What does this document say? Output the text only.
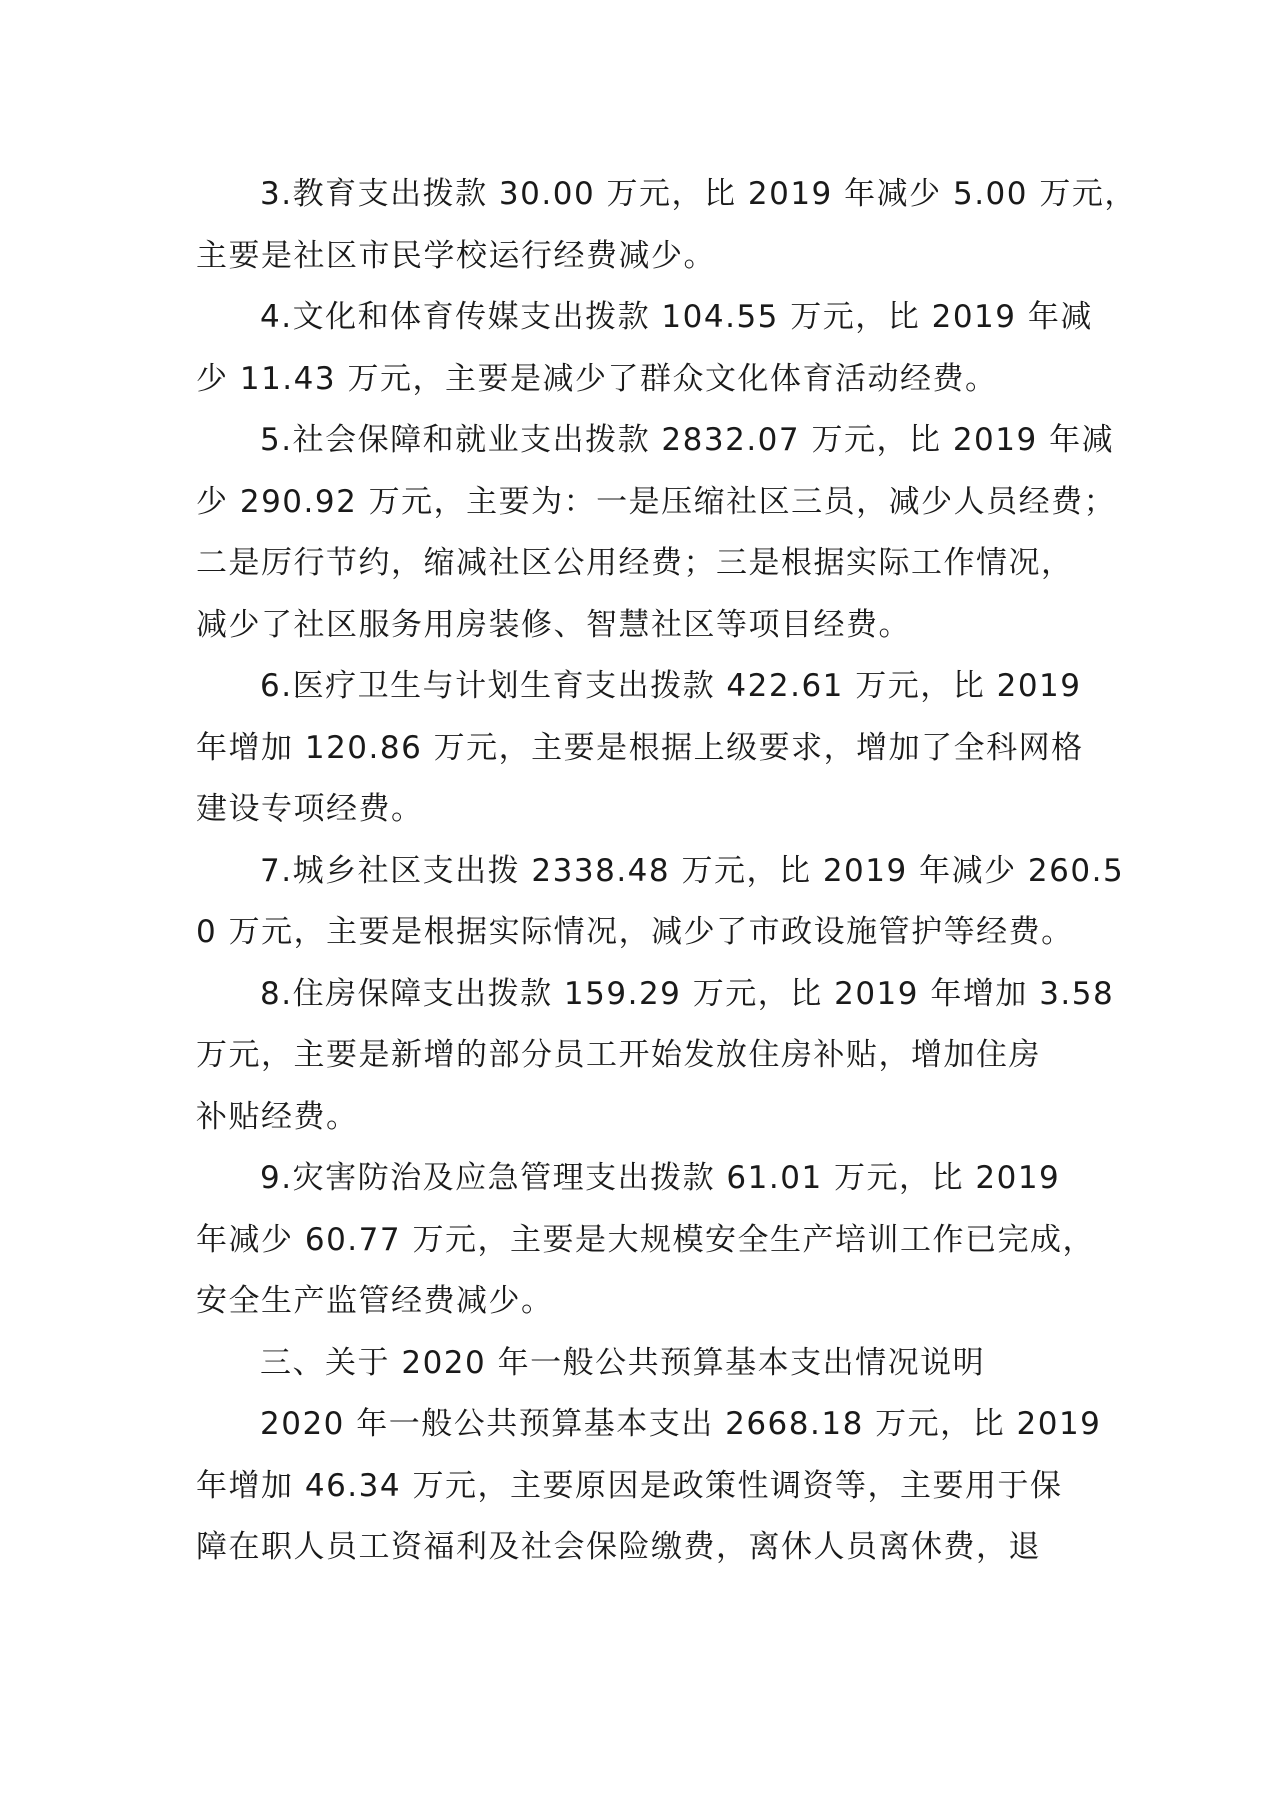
3.教育支出拨款 30.00 万元，比 2019 年减少 5.00 万元，
主要是社区市民学校运行经费减少。
4.文化和体育传媒支出拨款 104.55 万元，比 2019 年减
少 11.43 万元，主要是减少了群众文化体育活动经费。
5.社会保障和就业支出拨款 2832.07 万元，比 2019 年减
少 290.92 万元，主要为：一是压缩社区三员，减少人员经费；
二是厉行节约，缩减社区公用经费；三是根据实际工作情况，
减少了社区服务用房装修、智慧社区等项目经费。
6.医疗卫生与计划生育支出拨款 422.61 万元，比 2019
年增加 120.86 万元，主要是根据上级要求，增加了全科网格
建设专项经费。
7.城乡社区支出拨 2338.48 万元，比 2019 年减少 260.5
0 万元，主要是根据实际情况，减少了市政设施管护等经费。
8.住房保障支出拨款 159.29 万元，比 2019 年增加 3.58
万元，主要是新增的部分员工开始发放住房补贴，增加住房
补贴经费。
9.灾害防治及应急管理支出拨款 61.01 万元，比 2019
年减少 60.77 万元，主要是大规模安全生产培训工作已完成，
安全生产监管经费减少。
三、关于 2020 年一般公共预算基本支出情况说明
2020 年一般公共预算基本支出 2668.18 万元，比 2019
年增加 46.34 万元，主要原因是政策性调资等，主要用于保
障在职人员工资福利及社会保险缴费，离休人员离休费，退
